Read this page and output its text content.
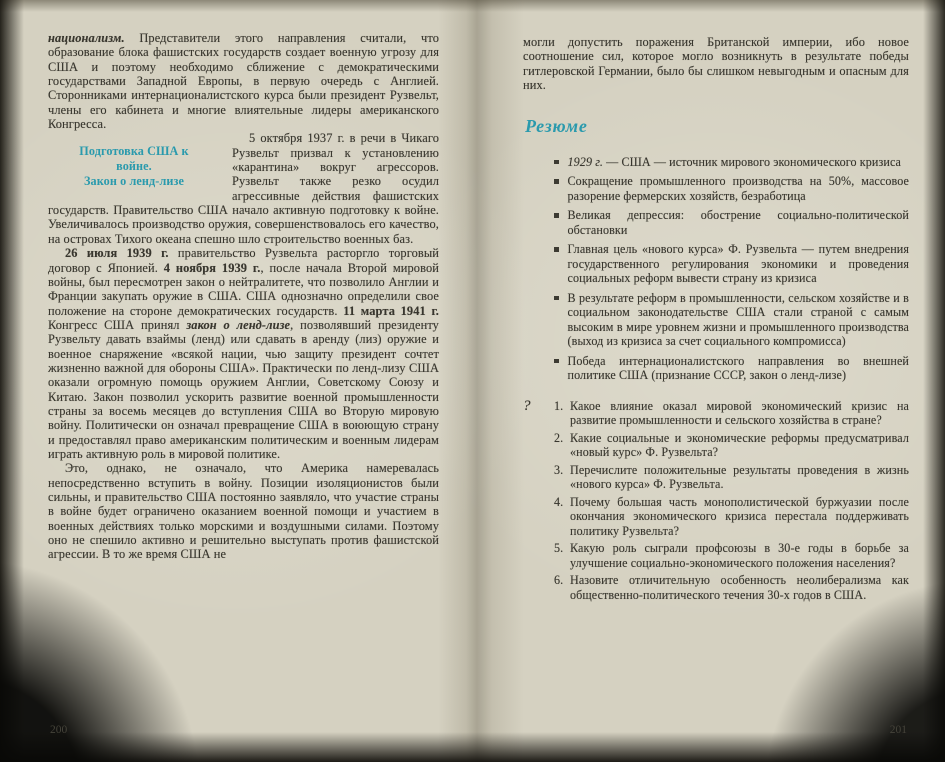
национализм. Представители этого направления считали, что образование блока фашистских государств создает военную угрозу для США и поэтому необходимо сближение с демократическими государствами Западной Европы, в первую очередь с Англией. Сторонниками интернационалистского курса были президент Рузвельт, члены его кабинета и многие влиятельные лидеры американского Конгресса.

Подготовка США к
войне.
Закон о ленд-лизе

5 октября 1937 г. в речи в Чикаго Рузвельт призвал к установлению «карантина» вокруг агрессоров. Рузвельт также резко осудил агрессивные действия фашистских государств. Правительство США начало активную подготовку к войне. Увеличивалось производство оружия, совершенствовалось его качество, на островах Тихого океана спешно шло строительство военных баз.

26 июля 1939 г. правительство Рузвельта расторгло торговый договор с Японией. 4 ноября 1939 г., после начала Второй мировой войны, был пересмотрен закон о нейтралитете, что позволило Англии и Франции закупать оружие в США. США однозначно определили свое положение на стороне демократических государств. 11 марта 1941 г. Конгресс США принял закон о ленд-лизе, позволявший президенту Рузвельту давать взаймы (ленд) или сдавать в аренду (лиз) оружие и военное снаряжение «всякой нации, чью защиту президент сочтет жизненно важной для обороны США». Практически по ленд-лизу США оказали огромную помощь оружием Англии, Советскому Союзу и Китаю. Закон позволил ускорить развитие военной промышленности страны за восемь месяцев до вступления США во Вторую мировую войну. Политически он означал превращение США в воюющую страну и предоставлял право американским политическим и военным лидерам играть активную роль в мировой политике.

Это, однако, не означало, что Америка намеревалась непосредственно вступить в войну. Позиции изоляционистов были сильны, и правительство США постоянно заявляло, что участие страны в войне будет ограничено оказанием военной помощи и участием в военных действиях только морскими и воздушными силами. Поэтому оно не спешило активно и решительно выступать против фашистской агрессии. В то же время США не

могли допустить поражения Британской империи, ибо новое соотношение сил, которое могло возникнуть в результате победы гитлеровской Германии, было бы слишком невыгодным и опасным для них.

Резюме
1929 г. — США — источник мирового экономического кризиса
Сокращение промышленного производства на 50%, массовое разорение фермерских хозяйств, безработица
Великая депрессия: обострение социально-политической обстановки
Главная цель «нового курса» Ф. Рузвельта — путем внедрения государственного регулирования экономики и проведения социальных реформ вывести страну из кризиса
В результате реформ в промышленности, сельском хозяйстве и в социальном законодательстве США стали страной с самым высоким в мире уровнем жизни и промышленного производства (выход из кризиса за счет социального компромисса)
Победа интернационалистского направления во внешней политике США (признание СССР, закон о ленд-лизе)
? 1. Какое влияние оказал мировой экономический кризис на развитие промышленности и сельского хозяйства в стране?
2. Какие социальные и экономические реформы предусматривал «новый курс» Ф. Рузвельта?
3. Перечислите положительные результаты проведения в жизнь «нового курса» Ф. Рузвельта.
4. Почему большая часть монополистической буржуазии после окончания экономического кризиса перестала поддерживать политику Рузвельта?
5. Какую роль сыграли профсоюзы в 30-е годы в борьбе за улучшение социально-экономического положения населения?
6. Назовите отличительную особенность неолиберализма как общественно-политического течения 30-х годов в США.
200	201
